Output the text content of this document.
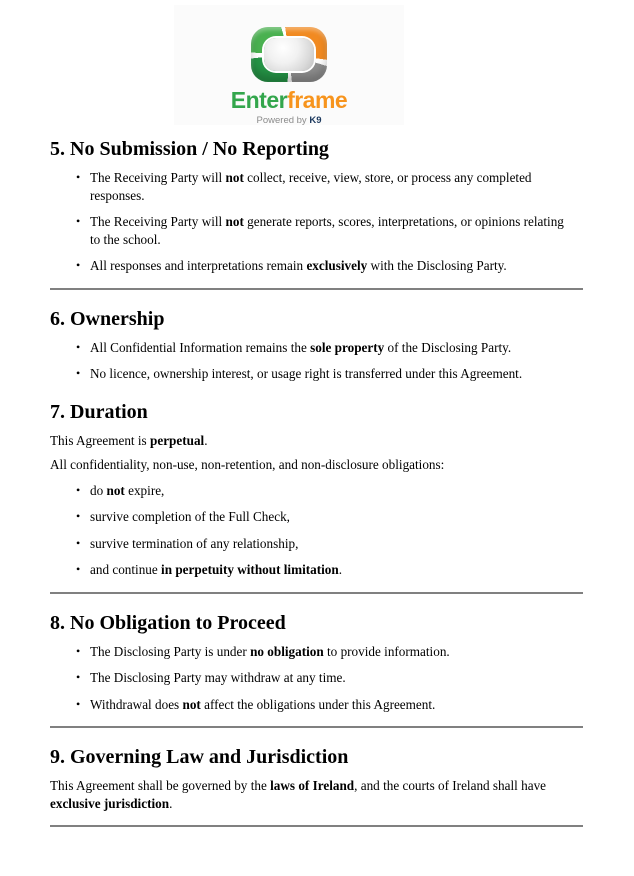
Enterframe
Powered by K9
5. No Submission / No Reporting
• The Receiving Party will not collect, receive, view, store, or process any completed responses.
• The Receiving Party will not generate reports, scores, interpretations, or opinions relating to the school.
• All responses and interpretations remain exclusively with the Disclosing Party.
6. Ownership
• All Confidential Information remains the sole property of the Disclosing Party.
• No licence, ownership interest, or usage right is transferred under this Agreement.
7. Duration

This Agreement is perpetual.

All confidentiality, non-use, non-retention, and non-disclosure obligations:

• do not expire,
• survive completion of the Full Check,
• survive termination of any relationship,
• and continue in perpetuity without limitation.
8. No Obligation to Proceed
• The Disclosing Party is under no obligation to provide information.
• The Disclosing Party may withdraw at any time.
• Withdrawal does not affect the obligations under this Agreement.
9. Governing Law and Jurisdiction

This Agreement shall be governed by the laws of Ireland, and the courts of Ireland shall have exclusive jurisdiction.
